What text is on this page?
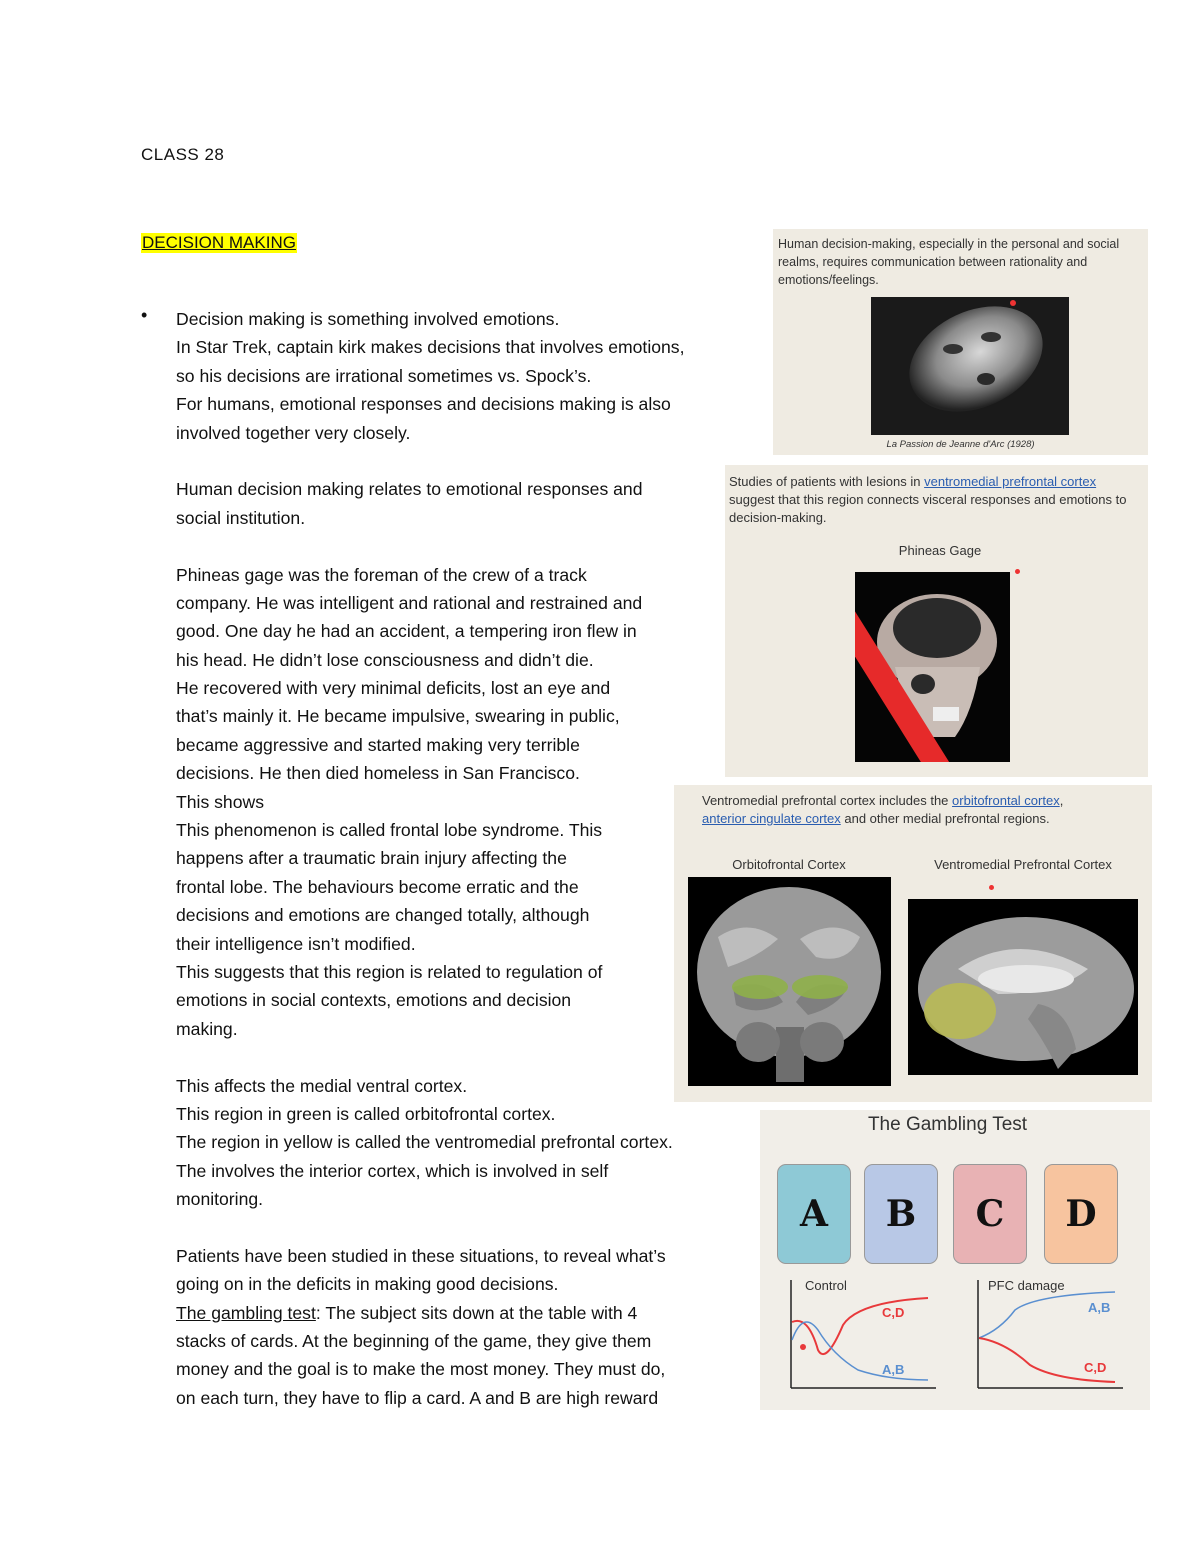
CLASS 28
DECISION MAKING
• Decision making is something involved emotions.
In Star Trek, captain kirk makes decisions that involves emotions,
so his decisions are irrational sometimes vs. Spock’s.
For humans, emotional responses and decisions making is also
involved together very closely.
Human decision making relates to emotional responses and
social institution.
Phineas gage was the foreman of the crew of a track
company. He was intelligent and rational and restrained and
good. One day he had an accident, a tempering iron flew in
his head. He didn’t lose consciousness and didn’t die.
He recovered with very minimal deficits, lost an eye and
that’s mainly it. He became impulsive, swearing in public,
became aggressive and started making very terrible
decisions. He then died homeless in San Francisco.
This shows
This phenomenon is called frontal lobe syndrome. This
happens after a traumatic brain injury affecting the
frontal lobe. The behaviours become erratic and the
decisions and emotions are changed totally, although
their intelligence isn’t modified.
This suggests that this region is related to regulation of
emotions in social contexts, emotions and decision
making.
This affects the medial ventral cortex.
This region in green is called orbitofrontal cortex.
The region in yellow is called the ventromedial prefrontal cortex.
The involves the interior cortex, which is involved in self
monitoring.
Patients have been studied in these situations, to reveal what’s
going on in the deficits in making good decisions.
The gambling test: The subject sits down at the table with 4
stacks of cards. At the beginning of the game, they give them
money and the goal is to make the most money. They must do,
on each turn, they have to flip a card. A and B are high reward
Human decision-making, especially in the personal and social realms, requires communication between rationality and emotions/feelings.
La Passion de Jeanne d'Arc (1928)
Studies of patients with lesions in ventromedial prefrontal cortex suggest that this region connects visceral responses and emotions to decision-making.
Phineas Gage
Ventromedial prefrontal cortex includes the orbitofrontal cortex,
anterior cingulate cortex and other medial prefrontal regions.
Orbitofrontal Cortex	Ventromedial Prefrontal Cortex
The Gambling Test
A B C D
Control
C,D
A,B
PFC damage
A,B
C,D
